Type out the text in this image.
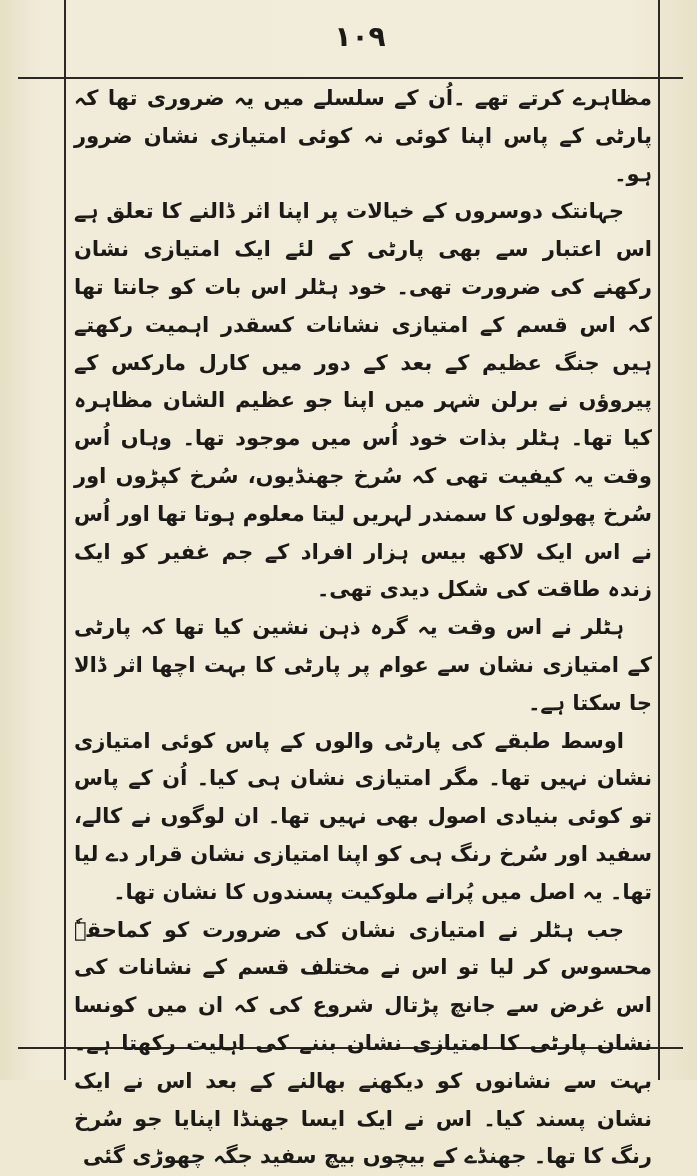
١٠٩

مظاہرے کرتے تھے ۔اُن کے سلسلے میں یہ ضروری تھا کہ پارٹی کے پاس اپنا کوئی نہ کوئی امتیازی نشان ضرور ہو۔

جہانتک دوسروں کے خیالات پر اپنا اثر ڈالنے کا تعلق ہے اس اعتبار سے بھی پارٹی کے لئے ایک امتیازی نشان رکھنے کی ضرورت تھی۔ خود ہٹلر اس بات کو جانتا تھا کہ اس قسم کے امتیازی نشانات کسقدر اہمیت رکھتے ہیں جنگ عظیم کے بعد کے دور میں کارل مارکس کے پیروؤں نے برلن شہر میں اپنا جو عظیم الشان مظاہرہ کیا تھا۔ ہٹلر بذات خود اُس میں موجود تھا۔ وہاں اُس وقت یہ کیفیت تھی کہ سُرخ جھنڈیوں، سُرخ کپڑوں اور سُرخ پھولوں کا سمندر لہریں لیتا معلوم ہوتا تھا اور اُس نے اس ایک لاکھ بیس ہزار افراد کے جم غفیر کو ایک زندہ طاقت کی شکل دیدی تھی۔

ہٹلر نے اس وقت یہ گرہ ذہن نشین کیا تھا کہ پارٹی کے امتیازی نشان سے عوام پر پارٹی کا بہت اچھا اثر ڈالا جا سکتا ہے۔

اوسط طبقے کی پارٹی والوں کے پاس کوئی امتیازی نشان نہیں تھا۔ مگر امتیازی نشان ہی کیا۔ اُن کے پاس تو کوئی بنیادی اصول بھی نہیں تھا۔ ان لوگوں نے کالے، سفید اور سُرخ رنگ ہی کو اپنا امتیازی نشان قرار دے لیا تھا۔ یہ اصل میں پُرانے ملوکیت پسندوں کا نشان تھا۔

جب ہٹلر نے امتیازی نشان کی ضرورت کو کماحقہٗ محسوس کر لیا تو اس نے مختلف قسم کے نشانات کی اس غرض سے جانچ پڑتال شروع کی کہ ان میں کونسا نشان پارٹی کا امتیازی نشان بننے کی اہلیت رکھتا ہے۔ بہت سے نشانوں کو دیکھنے بھالنے کے بعد اس نے ایک نشان پسند کیا۔ اس نے ایک ایسا جھنڈا اپنایا جو سُرخ رنگ کا تھا۔ جھنڈے کے بیچوں بیچ سفید جگہ چھوڑی گئی
